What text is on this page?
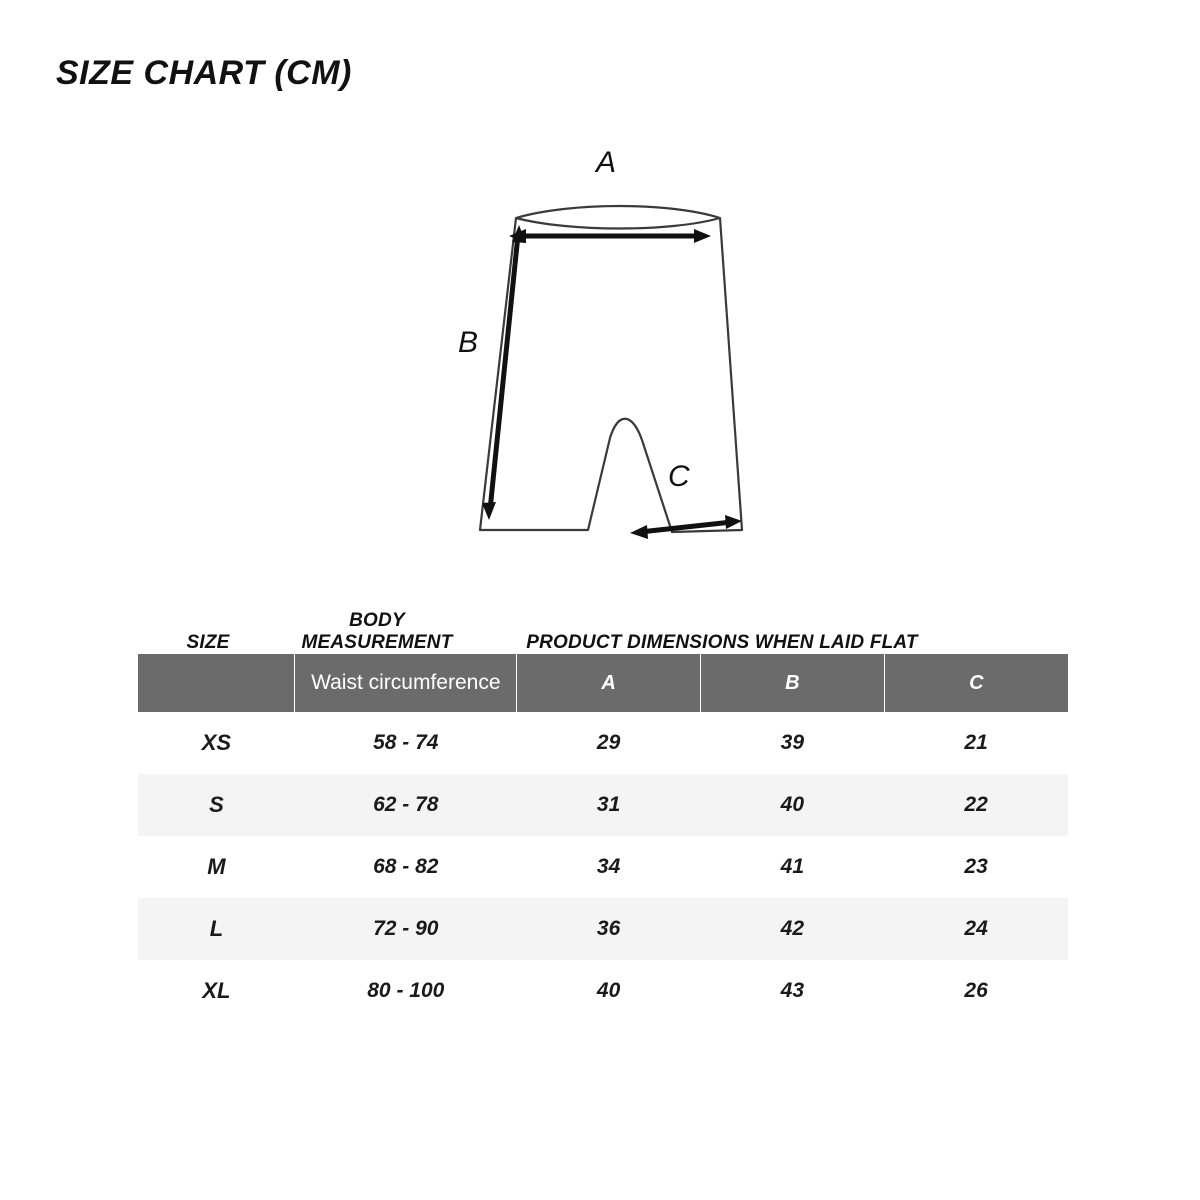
SIZE CHART (CM)
A
B
C
SIZE
BODY MEASUREMENT	PRODUCT DIMENSIONS WHEN LAID FLAT
	Waist circumference	A	B	C
XS	58 - 74	29	39	21
S	62 - 78	31	40	22
M	68 - 82	34	41	23
L	72 - 90	36	42	24
XL	80 - 100	40	43	26
